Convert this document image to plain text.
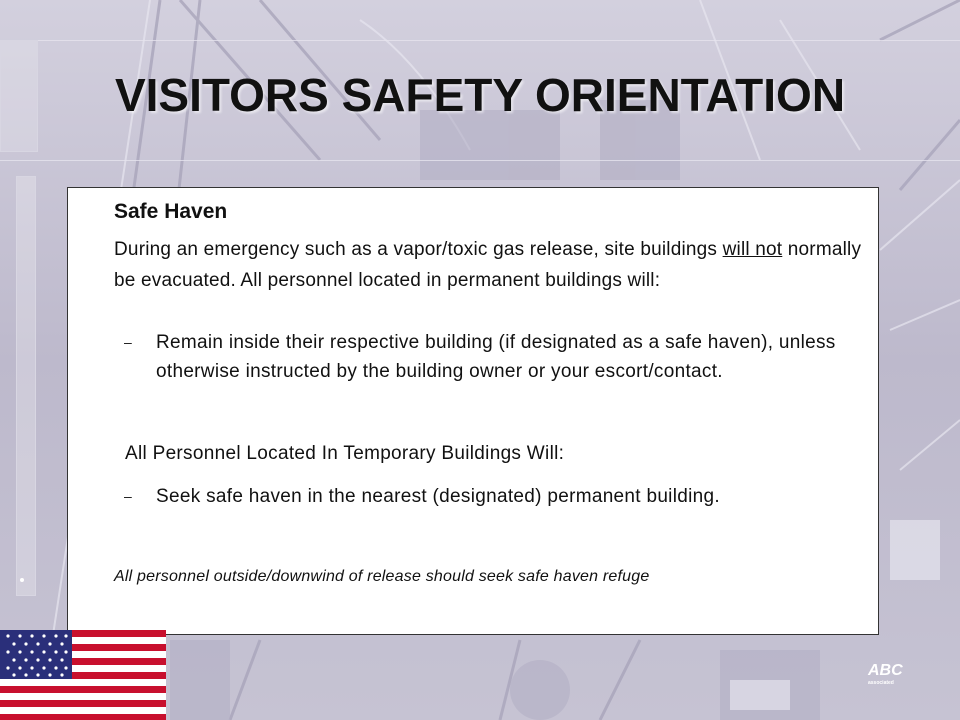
VISITORS SAFETY ORIENTATION
Safe Haven
During an emergency such as a vapor/toxic gas release, site buildings will not normally be evacuated. All personnel located in permanent buildings will:
– Remain inside their respective building (if designated as a safe haven), unless otherwise instructed by the building owner or your escort/contact.
All Personnel Located In Temporary Buildings Will:
– Seek safe haven in the nearest (designated) permanent building.
All personnel outside/downwind of release should seek safe haven refuge
ABC
associated
